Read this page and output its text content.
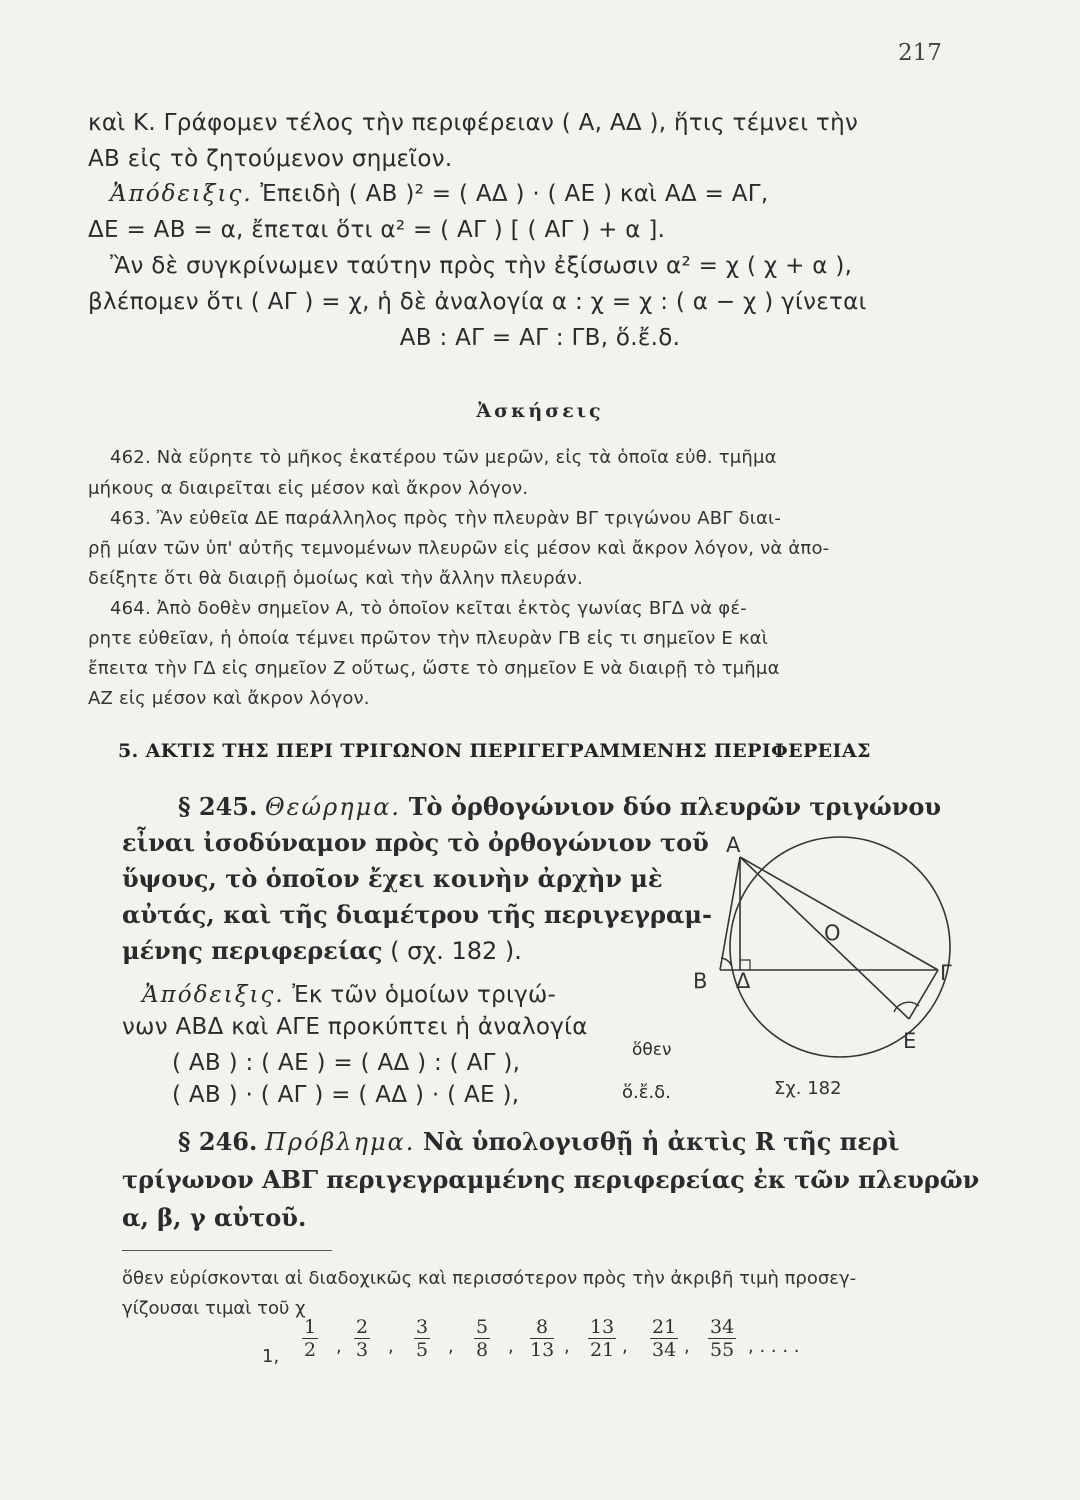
217
καὶ Κ. Γράφομεν τέλος τὴν περιφέρειαν ( Α, ΑΔ ), ἥτις τέμνει τὴν
ΑΒ εἰς τὸ ζητούμενον σημεῖον.
Ἀπόδειξις. Ἐπειδὴ ( ΑΒ )² = ( ΑΔ ) · ( ΑΕ ) καὶ ΑΔ = ΑΓ,
ΔΕ = ΑΒ = α, ἔπεται ὅτι α² = ( ΑΓ ) [ ( ΑΓ ) + α ].
Ἂν δὲ συγκρίνωμεν ταύτην πρὸς τὴν ἐξίσωσιν α² = χ ( χ + α ),
βλέπομεν ὅτι ( ΑΓ ) = χ, ἡ δὲ ἀναλογία α : χ = χ : ( α − χ ) γίνεται
ΑΒ : ΑΓ = ΑΓ : ΓΒ, ὅ.ἔ.δ.
Ἀσκήσεις
462. Νὰ εὕρητε τὸ μῆκος ἑκατέρου τῶν μερῶν, εἰς τὰ ὁποῖα εὐθ. τμῆμα
μήκους α διαιρεῖται εἰς μέσον καὶ ἄκρον λόγον.
463. Ἂν εὐθεῖα ΔΕ παράλληλος πρὸς τὴν πλευρὰν ΒΓ τριγώνου ΑΒΓ διαι-
ρῇ μίαν τῶν ὑπ' αὐτῆς τεμνομένων πλευρῶν εἰς μέσον καὶ ἄκρον λόγον, νὰ ἀπο-
δείξητε ὅτι θὰ διαιρῇ ὁμοίως καὶ τὴν ἄλλην πλευράν.
464. Ἀπὸ δοθὲν σημεῖον Α, τὸ ὁποῖον κεῖται ἐκτὸς γωνίας ΒΓΔ νὰ φέ-
ρητε εὐθεῖαν, ἡ ὁποία τέμνει πρῶτον τὴν πλευρὰν ΓΒ εἰς τι σημεῖον Ε καὶ
ἔπειτα τὴν ΓΔ εἰς σημεῖον Ζ οὕτως, ὥστε τὸ σημεῖον Ε νὰ διαιρῇ τὸ τμῆμα
ΑΖ εἰς μέσον καὶ ἄκρον λόγον.
5. ΑΚΤΙΣ ΤΗΣ ΠΕΡΙ ΤΡΙΓΩΝΟΝ ΠΕΡΙΓΕΓΡΑΜΜΕΝΗΣ ΠΕΡΙΦΕΡΕΙΑΣ
§ 245. Θεώρημα. Τὸ ὀρθογώνιον δύο πλευρῶν τριγώνου
εἶναι ἰσοδύναμον πρὸς τὸ ὀρθογώνιον τοῦ
ὕψους, τὸ ὁποῖον ἔχει κοινὴν ἀρχὴν μὲ
αὐτάς, καὶ τῆς διαμέτρου τῆς περιγεγραμ-
μένης περιφερείας ( σχ. 182 ).
Ἀπόδειξις. Ἐκ τῶν ὁμοίων τριγώ-
νων ΑΒΔ καὶ ΑΓΕ προκύπτει ἡ ἀναλογία
( ΑΒ ) : ( ΑΕ ) = ( ΑΔ ) : ( ΑΓ ),	ὅθεν
( ΑΒ ) · ( ΑΓ ) = ( ΑΔ ) · ( ΑΕ ),	ὅ.ἔ.δ.
Α
Β Δ	Γ
Ε
Ο
Σχ. 182
§ 246. Πρόβλημα. Νὰ ὑπολογισθῇ ἡ ἀκτὶς R τῆς περὶ
τρίγωνον ΑΒΓ περιγεγραμμένης περιφερείας ἐκ τῶν πλευρῶν
α, β, γ αὐτοῦ.
ὅθεν εὑρίσκονται αἱ διαδοχικῶς καὶ περισσότερον πρὸς τὴν ἀκριβῆ τιμὴ προσεγ-
γίζουσαι τιμαὶ τοῦ χ
1, $\frac{1}{2}$ , $\frac{2}{3}$ , $\frac{3}{5}$ , $\frac{5}{8}$ , $\frac{8}{13}$ , $\frac{13}{21}$ , $\frac{21}{34}$ , $\frac{34}{55}$ , . . . .
